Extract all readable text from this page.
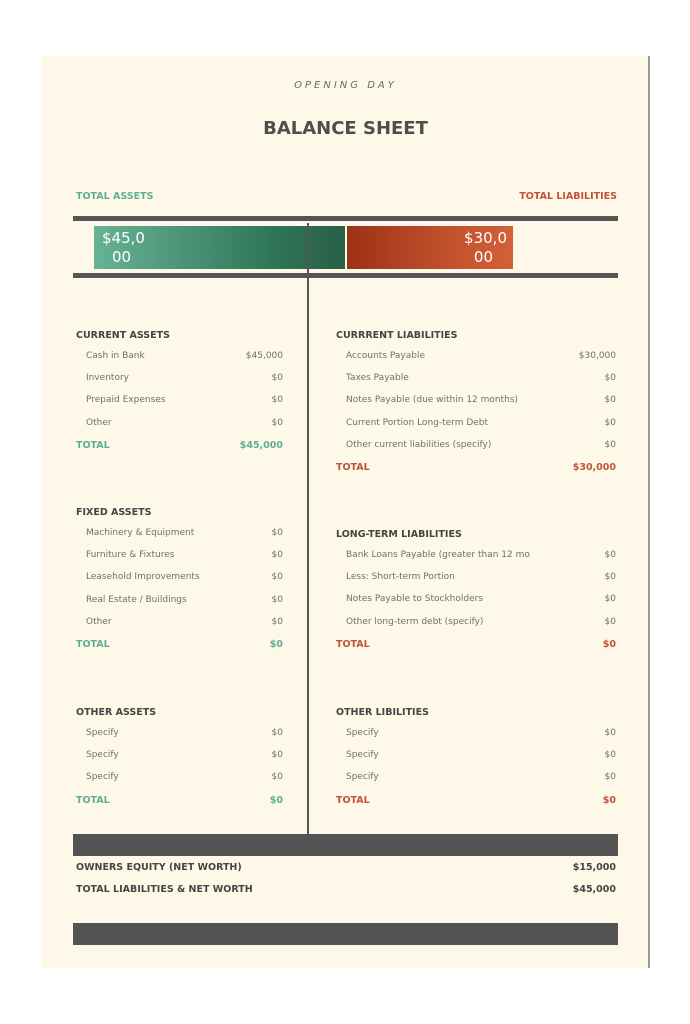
OPENING DAY
BALANCE SHEET
TOTAL ASSETS	TOTAL LIABILITIES
$45,0
00
$30,0
00
CURRENT ASSETS
Cash in Bank	$45,000
Inventory	$0
Prepaid Expenses	$0
Other	$0
TOTAL	$45,000
FIXED ASSETS
Machinery & Equipment	$0
Furniture & Fixtures	$0
Leasehold Improvements	$0
Real Estate / Buildings	$0
Other	$0
TOTAL	$0
OTHER ASSETS
Specify	$0
Specify	$0
Specify	$0
TOTAL	$0
CURRRENT LIABILITIES
Accounts Payable	$30,000
Taxes Payable	$0
Notes Payable (due within 12 months)	$0
Current Portion Long-term Debt	$0
Other current liabilities (specify)	$0
TOTAL	$30,000
LONG-TERM LIABILITIES
Bank Loans Payable (greater than 12 mo	$0
Less: Short-term Portion	$0
Notes Payable to Stockholders	$0
Other long-term debt (specify)	$0
TOTAL	$0
OTHER LIBILITIES
Specify	$0
Specify	$0
Specify	$0
TOTAL	$0
OWNERS EQUITY (NET WORTH)	$15,000
TOTAL LIABILITIES & NET WORTH	$45,000
